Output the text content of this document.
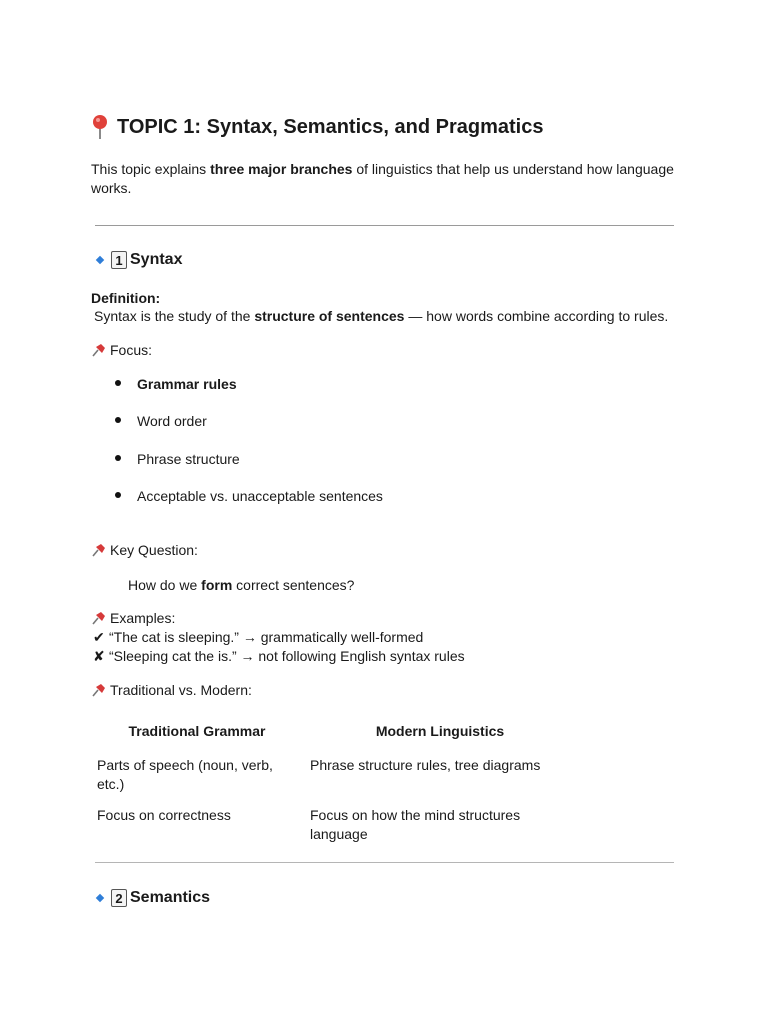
TOPIC 1: Syntax, Semantics, and Pragmatics
This topic explains three major branches of linguistics that help us understand how language works.
1 Syntax
Definition:
Syntax is the study of the structure of sentences — how words combine according to rules.
Focus:
Grammar rules
Word order
Phrase structure
Acceptable vs. unacceptable sentences
Key Question:
How do we form correct sentences?
Examples:
✔ “The cat is sleeping.” → grammatically well-formed
✘ “Sleeping cat the is.” → not following English syntax rules
Traditional vs. Modern:
Traditional Grammar	Modern Linguistics
Parts of speech (noun, verb, etc.)
Phrase structure rules, tree diagrams
Focus on correctness	Focus on how the mind structures language
2 Semantics
